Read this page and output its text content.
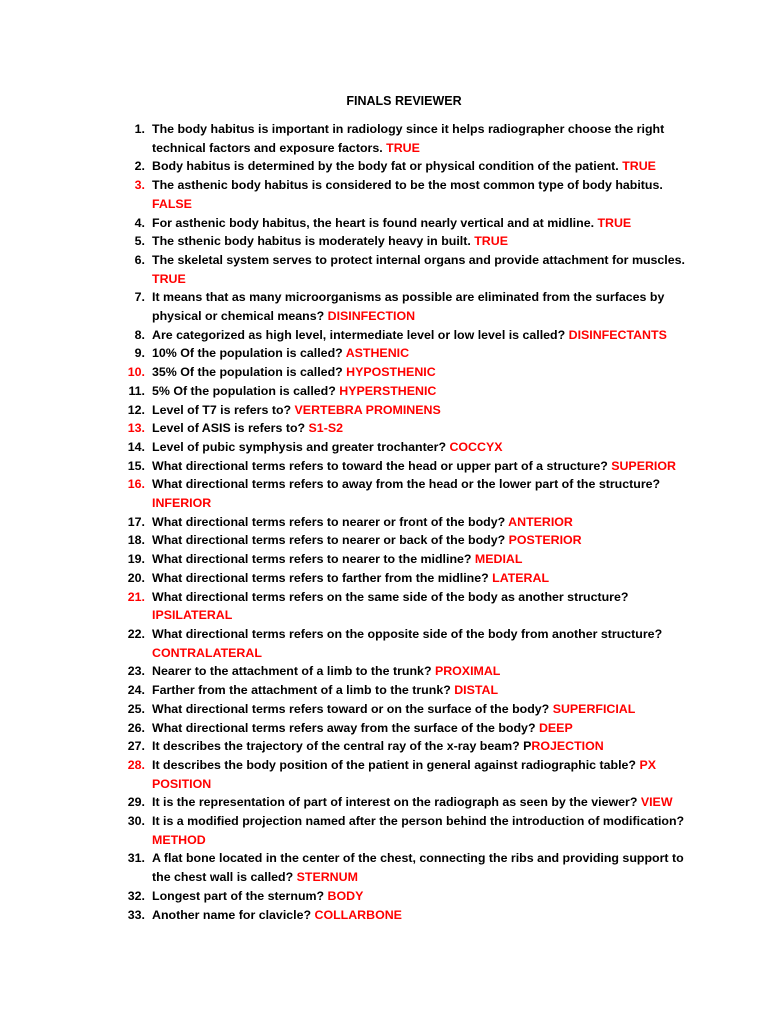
FINALS REVIEWER
1. The body habitus is important in radiology since it helps radiographer choose the right
technical factors and exposure factors. TRUE
2. Body habitus is determined by the body fat or physical condition of the patient. TRUE
3. The asthenic body habitus is considered to be the most common type of body habitus.
FALSE
4. For asthenic body habitus, the heart is found nearly vertical and at midline. TRUE
5. The sthenic body habitus is moderately heavy in built. TRUE
6. The skeletal system serves to protect internal organs and provide attachment for muscles.
TRUE
7. It means that as many microorganisms as possible are eliminated from the surfaces by
physical or chemical means? DISINFECTION
8. Are categorized as high level, intermediate level or low level is called? DISINFECTANTS
9. 10% Of the population is called? ASTHENIC
10. 35% Of the population is called? HYPOSTHENIC
11. 5% Of the population is called? HYPERSTHENIC
12. Level of T7 is refers to? VERTEBRA PROMINENS
13. Level of ASIS is refers to? S1-S2
14. Level of pubic symphysis and greater trochanter? COCCYX
15. What directional terms refers to toward the head or upper part of a structure? SUPERIOR
16. What directional terms refers to away from the head or the lower part of the structure?
INFERIOR
17. What directional terms refers to nearer or front of the body? ANTERIOR
18. What directional terms refers to nearer or back of the body? POSTERIOR
19. What directional terms refers to nearer to the midline? MEDIAL
20. What directional terms refers to farther from the midline? LATERAL
21. What directional terms refers on the same side of the body as another structure?
IPSILATERAL
22. What directional terms refers on the opposite side of the body from another structure?
CONTRALATERAL
23. Nearer to the attachment of a limb to the trunk? PROXIMAL
24. Farther from the attachment of a limb to the trunk? DISTAL
25. What directional terms refers toward or on the surface of the body? SUPERFICIAL
26. What directional terms refers away from the surface of the body? DEEP
27. It describes the trajectory of the central ray of the x-ray beam? PROJECTION
28. It describes the body position of the patient in general against radiographic table? PX
POSITION
29. It is the representation of part of interest on the radiograph as seen by the viewer? VIEW
30. It is a modified projection named after the person behind the introduction of modification?
METHOD
31. A flat bone located in the center of the chest, connecting the ribs and providing support to
the chest wall is called? STERNUM
32. Longest part of the sternum? BODY
33. Another name for clavicle? COLLARBONE
